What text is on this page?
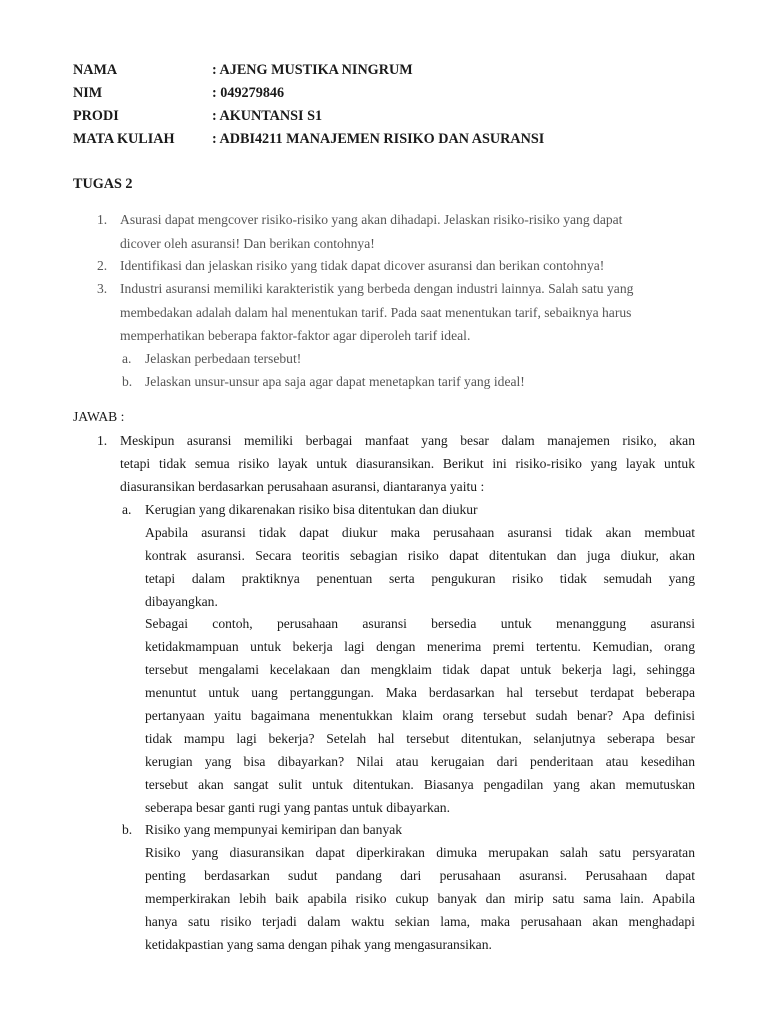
NAMA	: AJENG MUSTIKA NINGRUM
NIM	: 049279846
PRODI	: AKUNTANSI S1
MATA KULIAH	: ADBI4211 MANAJEMEN RISIKO DAN ASURANSI
TUGAS 2
1. Asurasi dapat mengcover risiko-risiko yang akan dihadapi. Jelaskan risiko-risiko yang dapat
dicover oleh asuransi! Dan berikan contohnya!
2. Identifikasi dan jelaskan risiko yang tidak dapat dicover asuransi dan berikan contohnya!
3. Industri asuransi memiliki karakteristik yang berbeda dengan industri lainnya. Salah satu yang
membedakan adalah dalam hal menentukan tarif. Pada saat menentukan tarif, sebaiknya harus
memperhatikan beberapa faktor-faktor agar diperoleh tarif ideal.
a. Jelaskan perbedaan tersebut!
b. Jelaskan unsur-unsur apa saja agar dapat menetapkan tarif yang ideal!
JAWAB :
1. Meskipun asuransi memiliki berbagai manfaat yang besar dalam manajemen risiko, akan
tetapi tidak semua risiko layak untuk diasuransikan. Berikut ini risiko-risiko yang layak untuk
diasuransikan berdasarkan perusahaan asuransi, diantaranya yaitu :
a. Kerugian yang dikarenakan risiko bisa ditentukan dan diukur
Apabila asuransi tidak dapat diukur maka perusahaan asuransi tidak akan membuat
kontrak asuransi. Secara teoritis sebagian risiko dapat ditentukan dan juga diukur, akan
tetapi dalam praktiknya penentuan serta pengukuran risiko tidak semudah yang
dibayangkan.
Sebagai contoh, perusahaan asuransi bersedia untuk menanggung asuransi
ketidakmampuan untuk bekerja lagi dengan menerima premi tertentu. Kemudian, orang
tersebut mengalami kecelakaan dan mengklaim tidak dapat untuk bekerja lagi, sehingga
menuntut untuk uang pertanggungan. Maka berdasarkan hal tersebut terdapat beberapa
pertanyaan yaitu bagaimana menentukkan klaim orang tersebut sudah benar? Apa definisi
tidak mampu lagi bekerja? Setelah hal tersebut ditentukan, selanjutnya seberapa besar
kerugian yang bisa dibayarkan? Nilai atau kerugaian dari penderitaan atau kesedihan
tersebut akan sangat sulit untuk ditentukan. Biasanya pengadilan yang akan memutuskan
seberapa besar ganti rugi yang pantas untuk dibayarkan.
b. Risiko yang mempunyai kemiripan dan banyak
Risiko yang diasuransikan dapat diperkirakan dimuka merupakan salah satu persyaratan
penting berdasarkan sudut pandang dari perusahaan asuransi. Perusahaan dapat
memperkirakan lebih baik apabila risiko cukup banyak dan mirip satu sama lain. Apabila
hanya satu risiko terjadi dalam waktu sekian lama, maka perusahaan akan menghadapi
ketidakpastian yang sama dengan pihak yang mengasuransikan.
